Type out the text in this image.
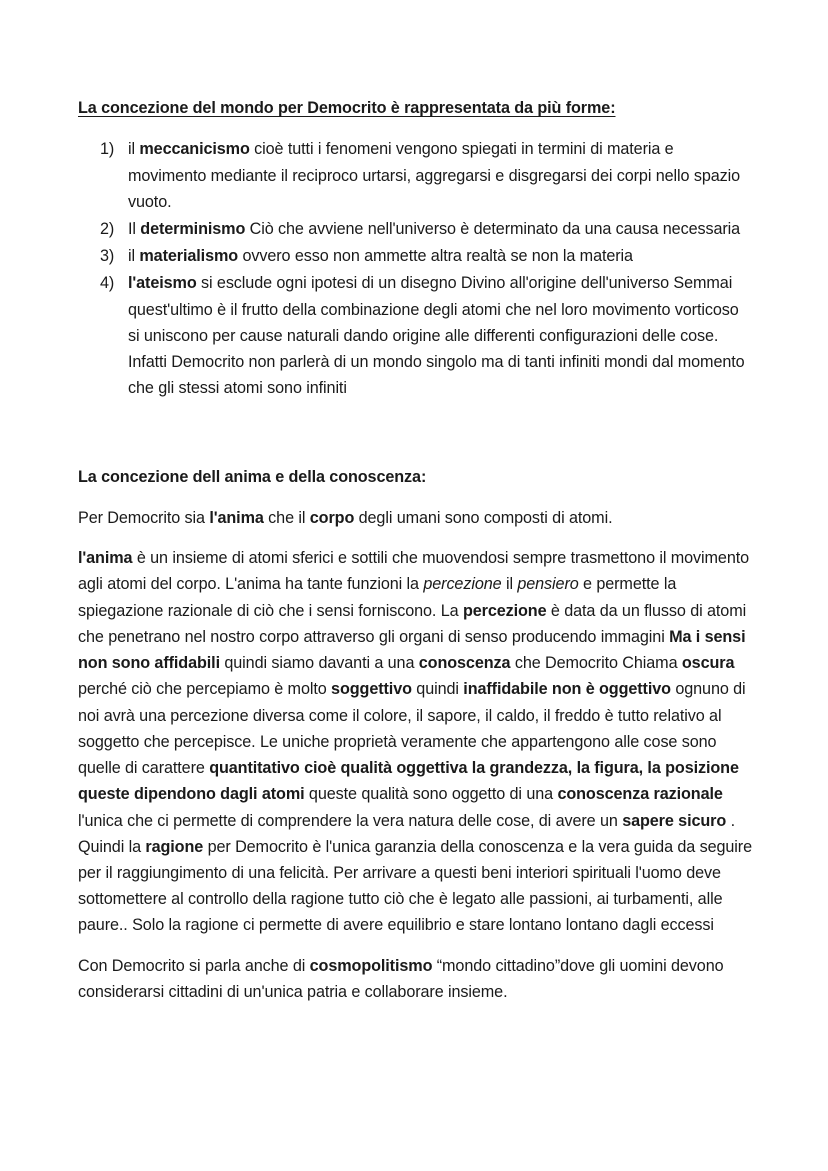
La concezione del mondo per Democrito è rappresentata da più forme:
1) il meccanicismo cioè tutti i fenomeni vengono spiegati in termini di materia e movimento mediante il reciproco urtarsi, aggregarsi e disgregarsi dei corpi nello spazio vuoto.
2) Il determinismo Ciò che avviene nell'universo è determinato da una causa necessaria
3) il materialismo ovvero esso non ammette altra realtà se non la materia
4) l'ateismo si esclude ogni ipotesi di un disegno Divino all'origine dell'universo Semmai quest'ultimo è il frutto della combinazione degli atomi che nel loro movimento vorticoso si uniscono per cause naturali dando origine alle differenti configurazioni delle cose. Infatti Democrito non parlerà di un mondo singolo ma di tanti infiniti mondi dal momento che gli stessi atomi sono infiniti
La concezione dell anima e della conoscenza:

Per Democrito sia l'anima che il corpo degli umani sono composti di atomi.

l'anima è un insieme di atomi sferici e sottili che muovendosi sempre trasmettono il movimento agli atomi del corpo. L'anima ha tante funzioni la percezione il pensiero e permette la spiegazione razionale di ciò che i sensi forniscono. La percezione è data da un flusso di atomi che penetrano nel nostro corpo attraverso gli organi di senso producendo immagini Ma i sensi non sono affidabili quindi siamo davanti a una conoscenza che Democrito Chiama oscura perché ciò che percepiamo è molto soggettivo quindi inaffidabile non è oggettivo ognuno di noi avrà una percezione diversa come il colore, il sapore, il caldo, il freddo è tutto relativo al soggetto che percepisce. Le uniche proprietà veramente che appartengono alle cose sono quelle di carattere quantitativo cioè qualità oggettiva la grandezza, la figura, la posizione queste dipendono dagli atomi queste qualità sono oggetto di una conoscenza razionale l'unica che ci permette di comprendere la vera natura delle cose, di avere un sapere sicuro . Quindi la ragione per Democrito è l'unica garanzia della conoscenza e la vera guida da seguire per il raggiungimento di una felicità. Per arrivare a questi beni interiori spirituali l'uomo deve sottomettere al controllo della ragione tutto ciò che è legato alle passioni, ai turbamenti, alle paure.. Solo la ragione ci permette di avere equilibrio e stare lontano lontano dagli eccessi

Con Democrito si parla anche di cosmopolitismo “mondo cittadino”dove gli uomini devono considerarsi cittadini di un'unica patria e collaborare insieme.
